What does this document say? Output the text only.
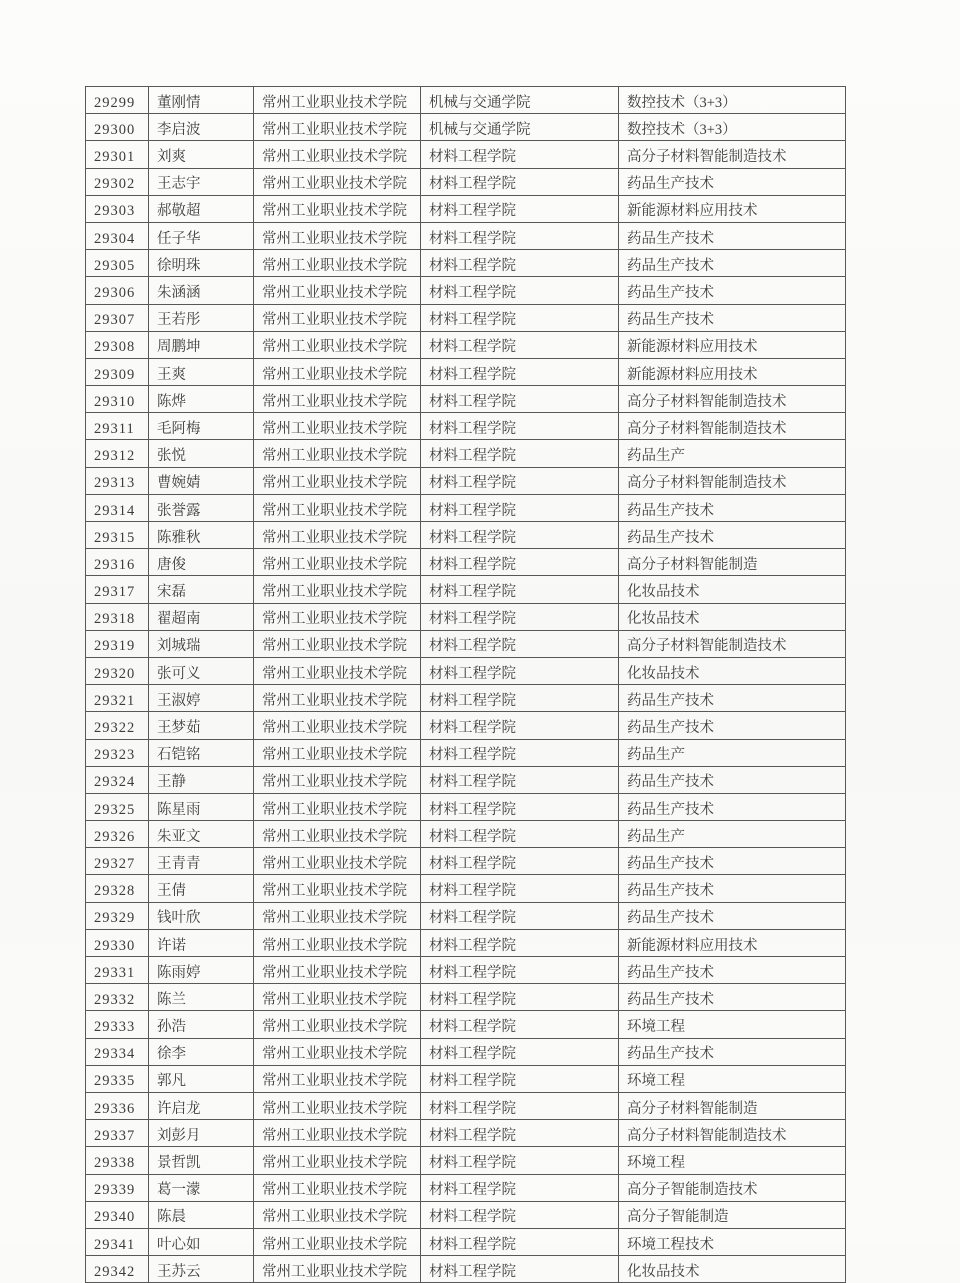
29299	董刚情	常州工业职业技术学院	机械与交通学院	数控技术（3+3）
29300	李启波	常州工业职业技术学院	机械与交通学院	数控技术（3+3）
29301	刘爽	常州工业职业技术学院	材料工程学院	高分子材料智能制造技术
29302	王志宇	常州工业职业技术学院	材料工程学院	药品生产技术
29303	郝敬超	常州工业职业技术学院	材料工程学院	新能源材料应用技术
29304	任子华	常州工业职业技术学院	材料工程学院	药品生产技术
29305	徐明珠	常州工业职业技术学院	材料工程学院	药品生产技术
29306	朱涵涵	常州工业职业技术学院	材料工程学院	药品生产技术
29307	王若彤	常州工业职业技术学院	材料工程学院	药品生产技术
29308	周鹏坤	常州工业职业技术学院	材料工程学院	新能源材料应用技术
29309	王爽	常州工业职业技术学院	材料工程学院	新能源材料应用技术
29310	陈烨	常州工业职业技术学院	材料工程学院	高分子材料智能制造技术
29311	毛阿梅	常州工业职业技术学院	材料工程学院	高分子材料智能制造技术
29312	张悦	常州工业职业技术学院	材料工程学院	药品生产
29313	曹婉婧	常州工业职业技术学院	材料工程学院	高分子材料智能制造技术
29314	张誉露	常州工业职业技术学院	材料工程学院	药品生产技术
29315	陈雅秋	常州工业职业技术学院	材料工程学院	药品生产技术
29316	唐俊	常州工业职业技术学院	材料工程学院	高分子材料智能制造
29317	宋磊	常州工业职业技术学院	材料工程学院	化妆品技术
29318	翟超南	常州工业职业技术学院	材料工程学院	化妆品技术
29319	刘城瑞	常州工业职业技术学院	材料工程学院	高分子材料智能制造技术
29320	张可义	常州工业职业技术学院	材料工程学院	化妆品技术
29321	王淑婷	常州工业职业技术学院	材料工程学院	药品生产技术
29322	王梦茹	常州工业职业技术学院	材料工程学院	药品生产技术
29323	石铠铭	常州工业职业技术学院	材料工程学院	药品生产
29324	王静	常州工业职业技术学院	材料工程学院	药品生产技术
29325	陈星雨	常州工业职业技术学院	材料工程学院	药品生产技术
29326	朱亚文	常州工业职业技术学院	材料工程学院	药品生产
29327	王青青	常州工业职业技术学院	材料工程学院	药品生产技术
29328	王倩	常州工业职业技术学院	材料工程学院	药品生产技术
29329	钱叶欣	常州工业职业技术学院	材料工程学院	药品生产技术
29330	许诺	常州工业职业技术学院	材料工程学院	新能源材料应用技术
29331	陈雨婷	常州工业职业技术学院	材料工程学院	药品生产技术
29332	陈兰	常州工业职业技术学院	材料工程学院	药品生产技术
29333	孙浩	常州工业职业技术学院	材料工程学院	环境工程
29334	徐李	常州工业职业技术学院	材料工程学院	药品生产技术
29335	郭凡	常州工业职业技术学院	材料工程学院	环境工程
29336	许启龙	常州工业职业技术学院	材料工程学院	高分子材料智能制造
29337	刘彭月	常州工业职业技术学院	材料工程学院	高分子材料智能制造技术
29338	景哲凯	常州工业职业技术学院	材料工程学院	环境工程
29339	葛一濛	常州工业职业技术学院	材料工程学院	高分子智能制造技术
29340	陈晨	常州工业职业技术学院	材料工程学院	高分子智能制造
29341	叶心如	常州工业职业技术学院	材料工程学院	环境工程技术
29342	王苏云	常州工业职业技术学院	材料工程学院	化妆品技术
